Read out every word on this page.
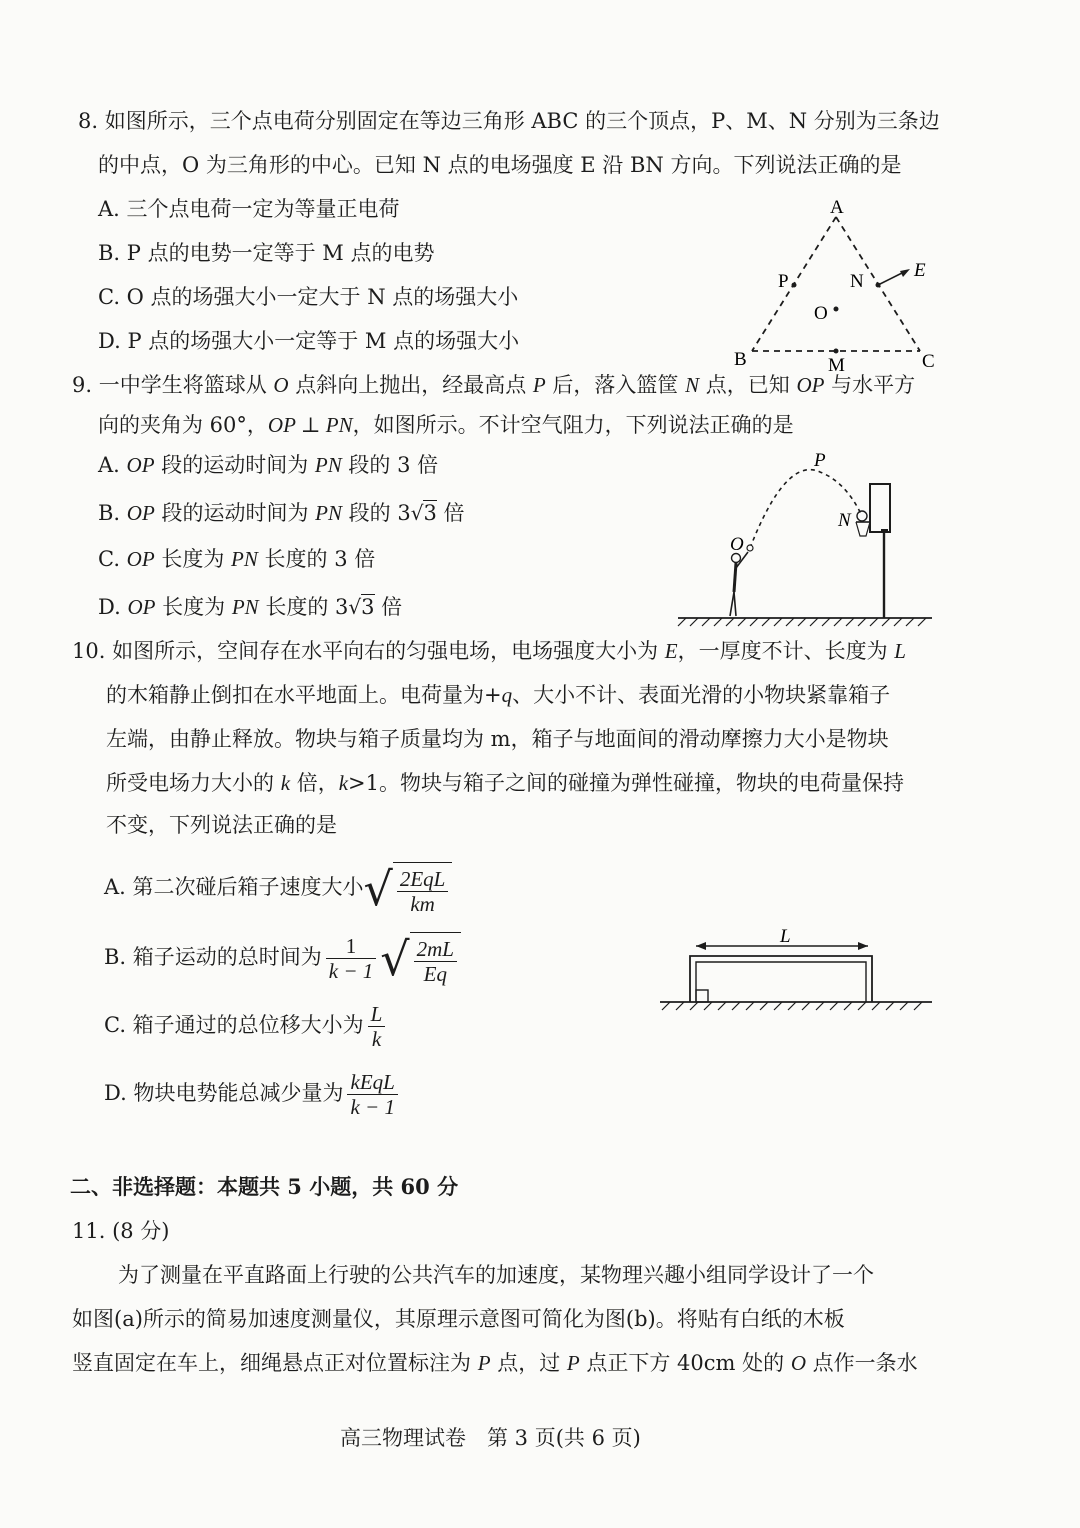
8. 如图所示，三个点电荷分别固定在等边三角形 ABC 的三个顶点，P、M、N 分别为三条边
的中点，O 为三角形的中心。已知 N 点的电场强度 E 沿 BN 方向。下列说法正确的是
A. 三个点电荷一定为等量正电荷
B. P 点的电势一定等于 M 点的电势
C. O 点的场强大小一定大于 N 点的场强大小
D. P 点的场强大小一定等于 M 点的场强大小
A
B	C
P	N
M
O
E
9. 一中学生将篮球从 O 点斜向上抛出，经最高点 P 后，落入篮筐 N 点，已知 OP 与水平方
向的夹角为 60°，OP ⊥ PN，如图所示。不计空气阻力，下列说法正确的是
A. OP 段的运动时间为 PN 段的 3 倍
B. OP 段的运动时间为 PN 段的 3√3 倍
C. OP 长度为 PN 长度的 3 倍
D. OP 长度为 PN 长度的 3√3 倍
P
N
O
10. 如图所示，空间存在水平向右的匀强电场，电场强度大小为 E，一厚度不计、长度为 L
的木箱静止倒扣在水平地面上。电荷量为+q、大小不计、表面光滑的小物块紧靠箱子
左端，由静止释放。物块与箱子质量均为 m，箱子与地面间的滑动摩擦力大小是物块
所受电场力大小的 k 倍，k>1。物块与箱子之间的碰撞为弹性碰撞，物块的电荷量保持
不变，下列说法正确的是
A. 第二次碰后箱子速度大小√ $\frac{\text{2EqL}}{km}$
B. 箱子运动的总时间为 $\frac{1}{k - 1}$ √ $\frac{2mL}{Eq}$
C. 箱子通过的总位移大小为 $\frac{L}{k}$
D. 物块电势能总减少量为 $\frac{\text{kEqL}}{k - 1}$
L
二、非选择题：本题共 5 小题，共 60 分
11. (8 分)
为了测量在平直路面上行驶的公共汽车的加速度，某物理兴趣小组同学设计了一个
如图(a)所示的简易加速度测量仪，其原理示意图可简化为图(b)。将贴有白纸的木板
竖直固定在车上，细绳悬点正对位置标注为 P 点，过 P 点正下方 40cm 处的 O 点作一条水
高三物理试卷　第 3 页(共 6 页)
